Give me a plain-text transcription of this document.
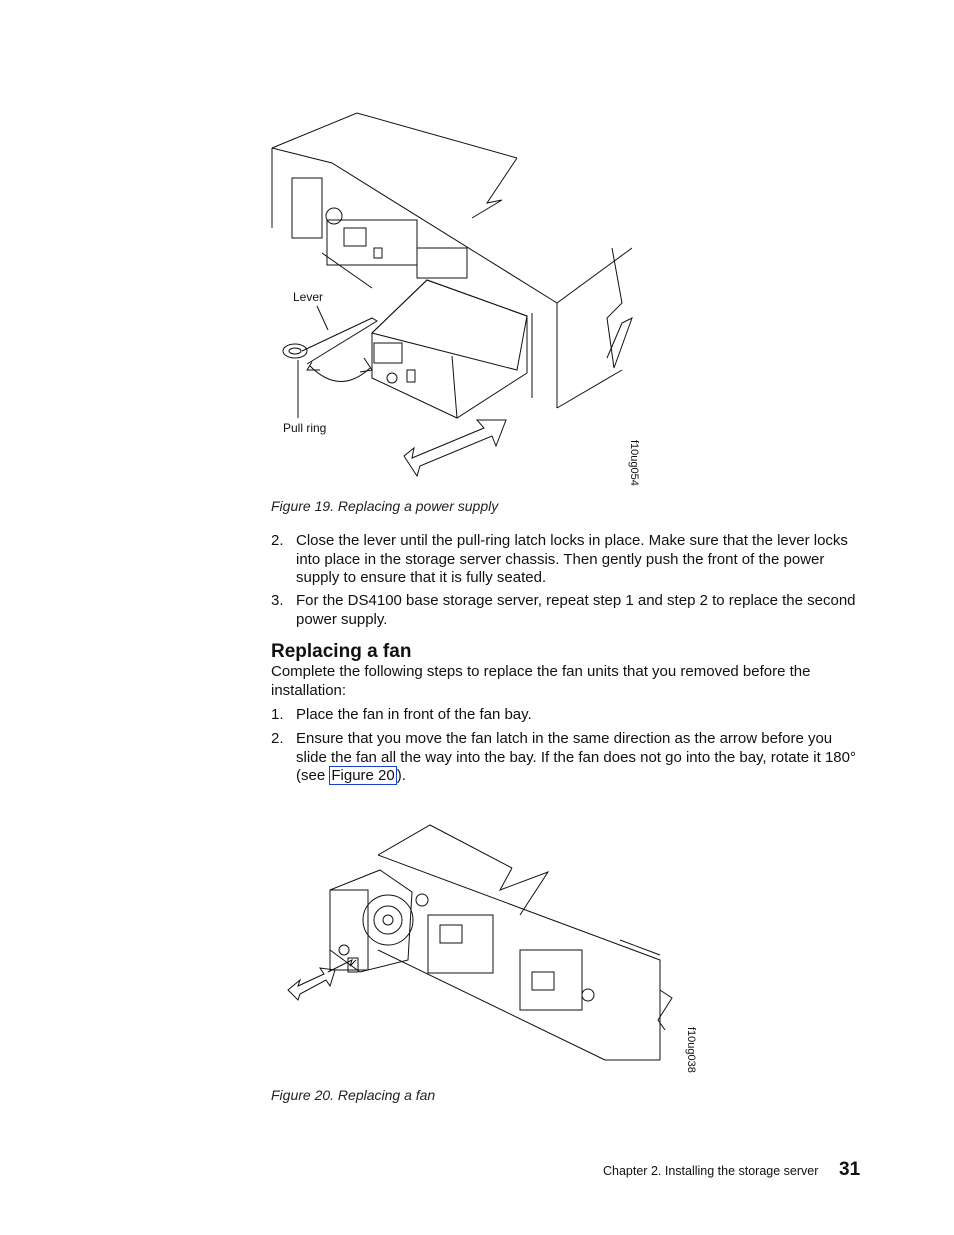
Lever
Pull ring
f10ug054
Figure 19. Replacing a power supply
2. Close the lever until the pull-ring latch locks in place. Make sure that the lever locks into place in the storage server chassis. Then gently push the front of the power supply to ensure that it is fully seated.
3. For the DS4100 base storage server, repeat step 1 and step 2 to replace the second power supply.
Replacing a fan
Complete the following steps to replace the fan units that you removed before the installation:
1. Place the fan in front of the fan bay.
2. Ensure that you move the fan latch in the same direction as the arrow before you slide the fan all the way into the bay. If the fan does not go into the bay, rotate it 180° (see Figure 20 ).
f10ug038
Figure 20. Replacing a fan
Chapter 2. Installing the storage server 31
